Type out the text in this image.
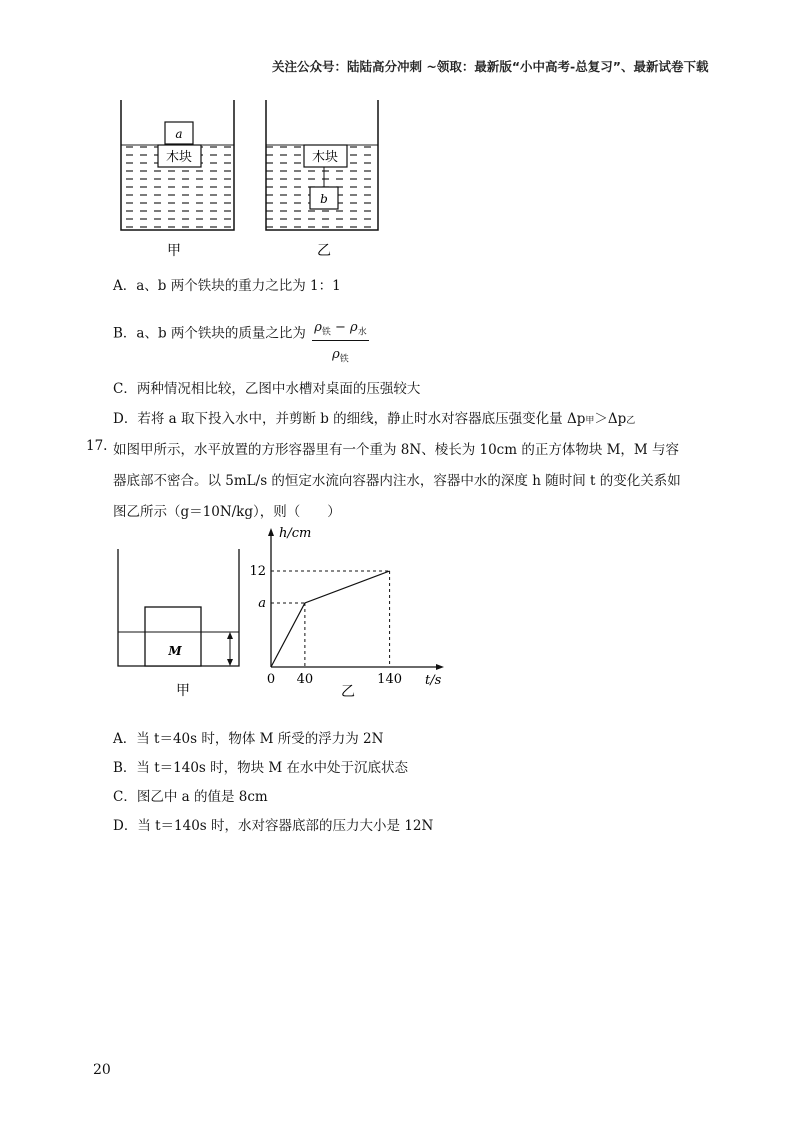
关注公众号：陆陆高分冲刺 ~领取：最新版“小中高考-总复习”、最新试卷下载
a
木块
甲
木块
b
乙
A．a、b 两个铁块的重力之比为 1：1
B．a、b 两个铁块的质量之比为 $\frac{\rho_铁 - \rho_水}{\rho_铁}$
C．两种情况相比较，乙图中水槽对桌面的压强较大
D．若将 a 取下投入水中，并剪断 b 的细线，静止时水对容器底压强变化量 Δp甲＞Δp乙
17. 如图甲所示，水平放置的方形容器里有一个重为 8N、棱长为 10cm 的正方体物块 M，M 与容
器底部不密合。以 5mL/s 的恒定水流向容器内注水，容器中水的深度 h 随时间 t 的变化关系如
图乙所示（g＝10N/kg），则（　　）
M
甲
h/cm
t/s
0 40	140
a
12
乙
A．当 t＝40s 时，物体 M 所受的浮力为 2N
B．当 t＝140s 时，物块 M 在水中处于沉底状态
C．图乙中 a 的值是 8cm
D．当 t＝140s 时，水对容器底部的压力大小是 12N
20
